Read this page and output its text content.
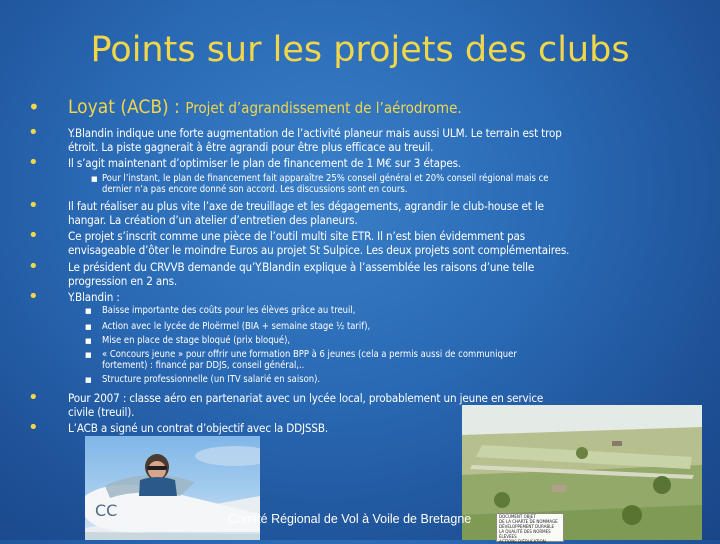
Points sur les projets des clubs
• Loyat (ACB) : Projet d’agrandissement de l’aérodrome.
•	Y.Blandin indique une forte augmentation de l’activité planeur mais aussi ULM. Le terrain est trop
étroit. La piste gagnerait à être agrandi pour être plus efficace au treuil.
•	Il s’agit maintenant d’optimiser le plan de financement de 1 M€ sur 3 étapes.
■ Pour l’instant, le plan de financement fait apparaître 25% conseil général et 20% conseil régional mais ce
dernier n’a pas encore donné son accord. Les discussions sont en cours.
•	Il faut réaliser au plus vite l’axe de treuillage et les dégagements, agrandir le club-house et le
hangar. La création d’un atelier d’entretien des planeurs.
•	Ce projet s’inscrit comme une pièce de l’outil multi site ETR. Il n’est bien évidemment pas
envisageable d’ôter le moindre Euros au projet St Sulpice. Les deux projets sont complémentaires.
•	Le président du CRVVB demande qu’Y.Blandin explique à l’assemblée les raisons d’une telle
progression en 2 ans.
•	Y.Blandin :
■ Baisse importante des coûts pour les élèves grâce au treuil,
■ Action avec le lycée de Ploërmel (BIA + semaine stage ½ tarif),
■ Mise en place de stage bloqué (prix bloqué),
■ « Concours jeune » pour offrir une formation BPP à 6 jeunes (cela a permis aussi de communiquer
fortement) : financé par DDJS, conseil général,..
■ Structure professionnelle (un ITV salarié en saison).
•	Pour 2007 : classe aéro en partenariat avec un lycée local, probablement un jeune en service
civile (treuil).
•	L’ACB a signé un contrat d’objectif avec la DDJSSB.
CC	Comité Régional de Vol à Voile de Bretagne	DOCUMENT OBJET
DE LA CHARTE DE NOMMAGE
DÉVELOPPEMENT DURABLE
LA QUALITÉ DES NORMES ÉLÉVÉES
ACTIONS D'ÉDUCATION
